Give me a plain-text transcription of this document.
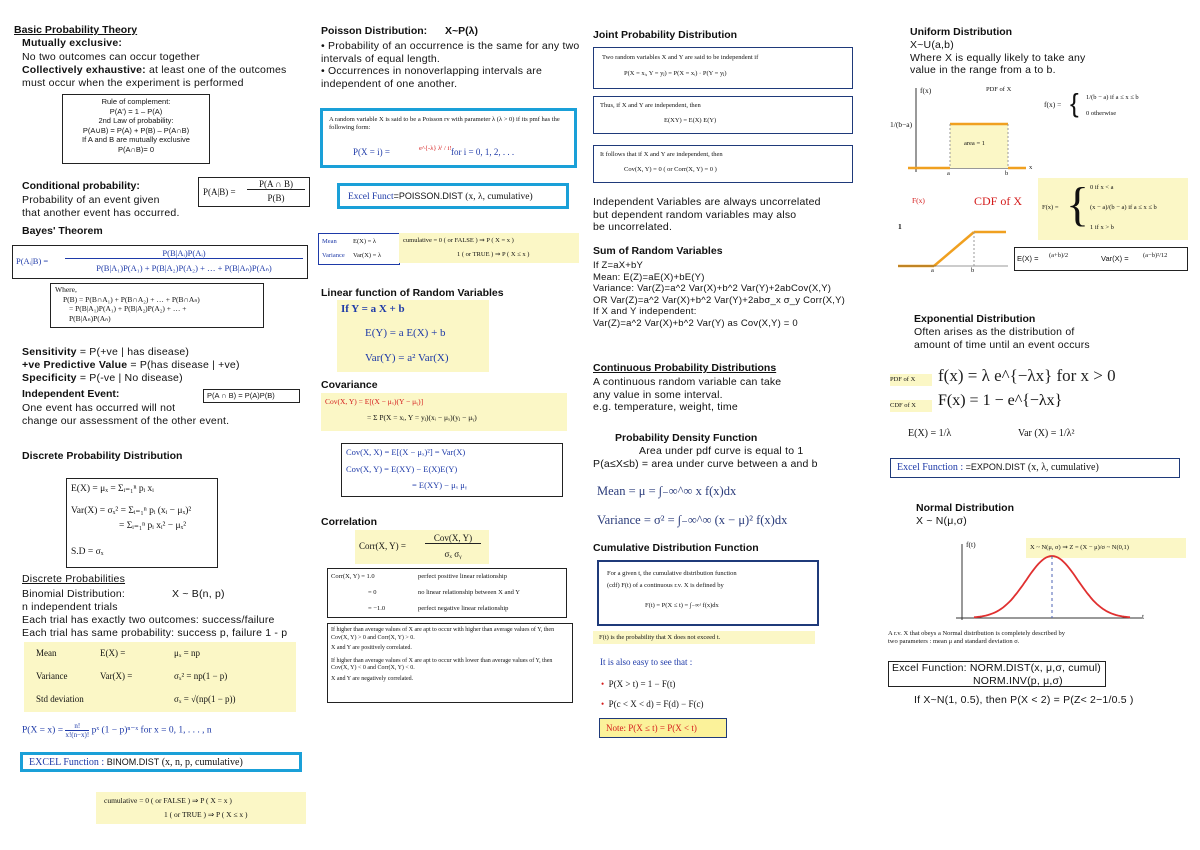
Basic Probability Theory
Mutually exclusive:
No two outcomes can occur together
Collectively exhaustive: at least one of the outcomes
must occur when the experiment is performed
Rule of complement:
P(A') = 1 – P(A)
2nd Law of probability:
P(A∪B) = P(A) + P(B) – P(A∩B)
If A and B are mutually exclusive
P(A∩B)= 0
Conditional probability:
Probability of an event given
that another event has occurred.
P(A|B) =
P(A ∩ B)
P(B)
Bayes' Theorem
P(Aᵢ|B) =
P(B|Aᵢ)P(Aᵢ)
P(B|A₁)P(A₁) + P(B|A₂)P(A₂) + … + P(B|Aₙ)P(Aₙ)
Where,
P(B) = P(B∩A₁) + P(B∩A₂) + … + P(B∩Aₙ)
= P(B|A₁)P(A₁) + P(B|A₂)P(A₂) + … +
P(B|Aₙ)P(Aₙ)
Sensitivity = P(+ve | has disease)
+ve Predictive Value = P(has disease | +ve)
Specificity = P(-ve | No disease)
Independent Event:	P(A ∩ B) = P(A)P(B)
One event has occurred will not
change our assessment of the other event.
Discrete Probability Distribution
E(X) = μₓ = Σᵢ₌₁ⁿ pᵢ xᵢ
Var(X) = σₓ² = Σᵢ₌₁ⁿ pᵢ (xᵢ − μₓ)²
= Σᵢ₌₁ⁿ pᵢ xᵢ² − μₓ²
S.D = σₓ
Discrete Probabilities
Binomial Distribution:	X ~ B(n, p)
n independent trials
Each trial has exactly two outcomes: success/failure
Each trial has same probability: success p, failure 1 - p
Mean	E(X) =	μₓ = np
Variance	Var(X) =	σₓ² = np(1 − p)
Std deviation	σₓ = √(np(1 − p))
$P(X = x) = \frac{n!}{x!(n-x)!}$ pˣ (1 − p)ⁿ⁻ˣ for x = 0, 1, . . . , n
EXCEL Function : BINOM.DIST (x, n, p, cumulative)
cumulative = 0 ( or FALSE ) ⇒ P ( X = x )
1 ( or TRUE ) ⇒ P ( X ≤ x )
Poisson Distribution: X~P(λ)
• Probability of an occurrence is the same for any two intervals of equal length.
• Occurrences in nonoverlapping intervals are independent of one another.
A random variable X is said to be a Poisson rv with parameter λ (λ > 0) if its pmf has the following form:
P(X = i) =	e^{-λ} λⁱ / i! for i = 0, 1, 2, . . .
Excel Funct=POISSON.DIST (x, λ, cumulative)
Mean E(X) = λ
Variance Var(X) = λ
cumulative = 0 ( or FALSE ) ⇒ P ( X = x )
1 ( or TRUE ) ⇒ P ( X ≤ x )
Linear function of Random Variables
If Y = a X + b
E(Y) = a E(X) + b
Var(Y) = a² Var(X)
Covariance
Cov(X, Y) = E[(X − μₓ)(Y − μᵧ)]
= Σ P(X = xᵢ, Y = yⱼ)(xᵢ − μₓ)(yⱼ − μᵧ)
Cov(X, X) = E[(X − μₓ)²] = Var(X)
Cov(X, Y) = E(XY) − E(X)E(Y)
= E(XY) − μₓ μᵧ
Correlation
Corr(X, Y) =
Cov(X, Y)
σₓ σᵧ
Corr(X, Y) = 1.0	perfect positive linear relationship
= 0	no linear relationship between X and Y
= −1.0	perfect negative linear relationship
If higher than average values of X are apt to occur with higher than average values of Y, then Cov(X, Y) > 0 and Corr(X, Y) > 0.
X and Y are positively correlated.
If higher than average values of X are apt to occur with lower than average values of Y, then Cov(X, Y) < 0 and Corr(X, Y) < 0.
X and Y are negatively correlated.
Joint Probability Distribution
Two random variables X and Y are said to be independent if
P(X = xᵢ, Y = yⱼ) = P(X = xᵢ) · P(Y = yⱼ)
Thus, if X and Y are independent, then
E(XY) = E(X) E(Y)
It follows that if X and Y are independent, then
Cov(X, Y) = 0 ( or Corr(X, Y) = 0 )
Independent Variables are always uncorrelated
but dependent random variables may also
be uncorrelated.
Sum of Random Variables
If Z=aX+bY
Mean: E(Z)=aE(X)+bE(Y)
Variance: Var(Z)=a^2 Var(X)+b^2 Var(Y)+2abCov(X,Y)
OR Var(Z)=a^2 Var(X)+b^2 Var(Y)+2abσ_x σ_y Corr(X,Y)
If X and Y independent:
Var(Z)=a^2 Var(X)+b^2 Var(Y) as Cov(X,Y) = 0
Continuous Probability Distributions
A continuous random variable can take
any value in some interval.
e.g. temperature, weight, time
Probability Density Function
Area under pdf curve is equal to 1
P(a≤X≤b) = area under curve between a and b
Mean = μ = ∫₋∞^∞ x f(x)dx
Variance = σ² = ∫₋∞^∞ (x − μ)² f(x)dx
Cumulative Distribution Function
For a given t, the cumulative distribution function
(cdf) F(t) of a continuous r.v. X is defined by
F(t) = P(X ≤ t) = ∫₋∞ᵗ f(x)dx
F(t) is the probability that X does not exceed t.
It is also easy to see that :
• P(X > t) = 1 − F(t)
• P(c < X < d) = F(d) − F(c)
Note: P(X ≤ t) = P(X < t)
Uniform Distribution
X~U(a,b)
Where X is equally likely to take any
value in the range from a to b.
f(x)
1/(b−a)
area = 1
a	b
x
PDF of X
f(x) = { 1/(b − a) if a ≤ x ≤ b
0 otherwise
F(x)	CDF of X	F(x) = { 0 if x < a
(x − a)/(b − a) if a ≤ x ≤ b
1 if x > b
1
a	b
E(X) = (a+b)/2	Var(X) = (a−b)²/12
Exponential Distribution
Often arises as the distribution of
amount of time until an event occurs
PDF of X	f(x) = λ e^{−λx} for x > 0
CDF of X	F(x) = 1 − e^{−λx}
E(X) = 1/λ	Var (X) = 1/λ²
Excel Function : =EXPON.DIST (x, λ, cumulative)
Normal Distribution
X ~ N(μ,σ)
X ~ N(μ, σ) ⇒ Z = (X − μ)/σ ~ N(0,1)
f(t)
t
A r.v. X that obeys a Normal distribution is completely described by
two parameters : mean μ and standard deviation σ.
Excel Function: NORM.DIST(x, μ,σ, cumul)
NORM.INV(p, μ,σ)
If X~N(1, 0.5), then P(X < 2) = P(Z< 2−1/0.5 )
